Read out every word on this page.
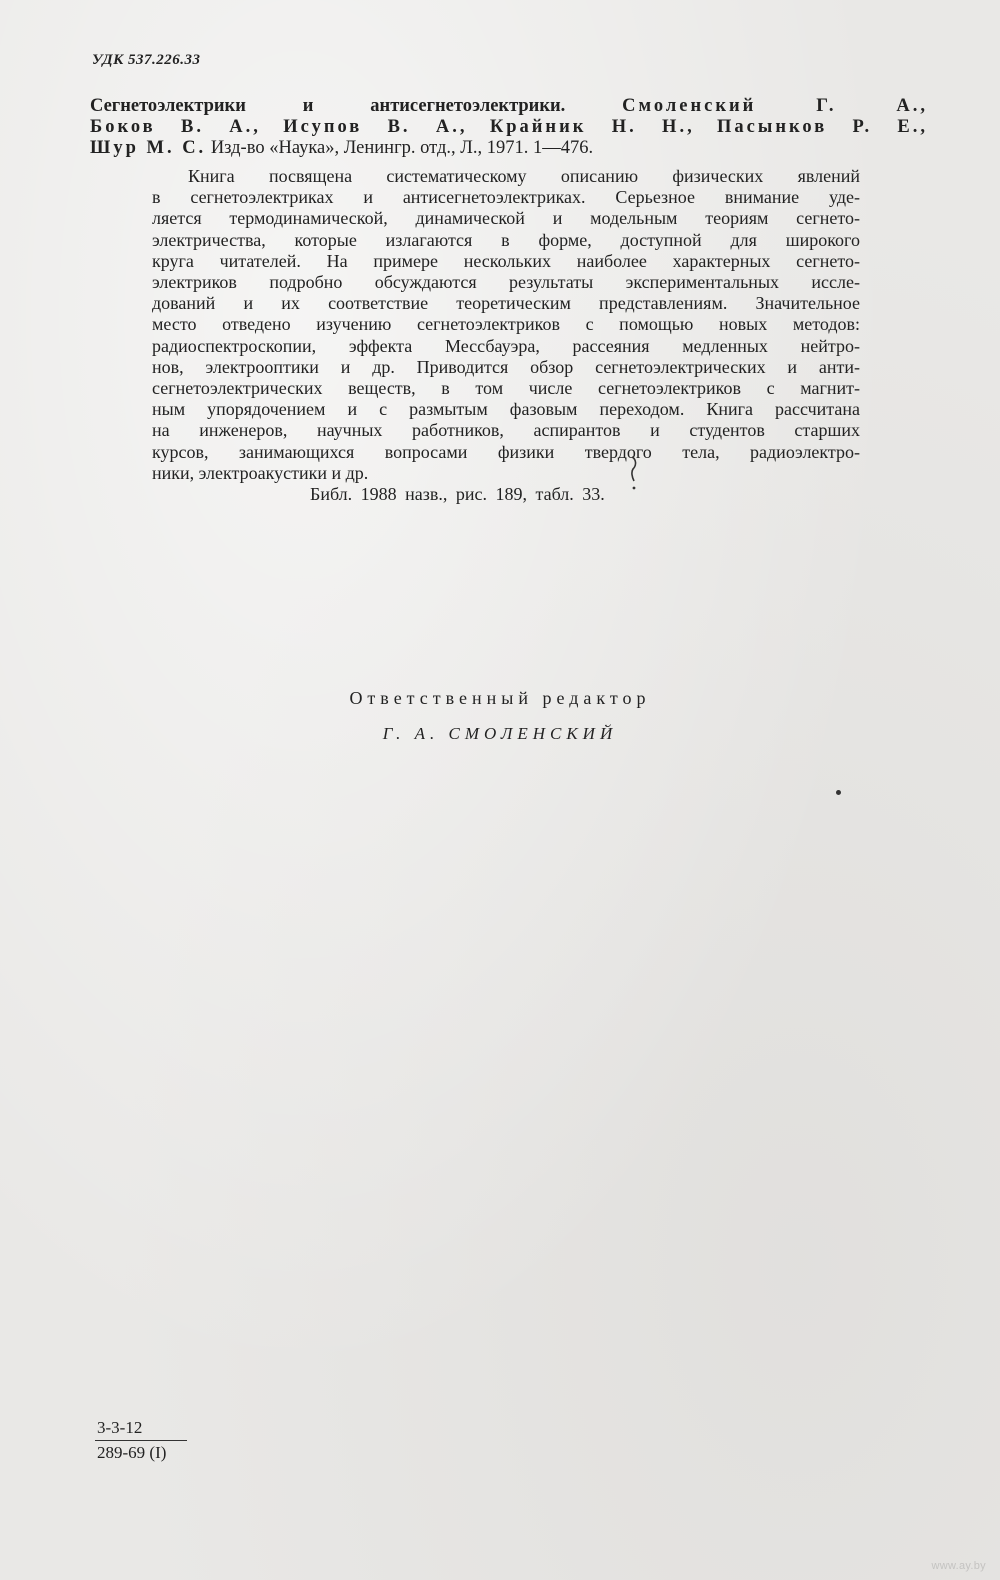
УДК 537.226.33
Сегнетоэлектрики и антисегнетоэлектрики.	Смоленский Г. А.,
Боков В. А., Исупов В. А., Крайник Н. Н., Пасынков Р. Е.,
Шур М. С. Изд-во «Наука», Ленингр. отд., Л., 1971. 1—476.
Книга посвящена систематическому описанию физических явлений
в сегнетоэлектриках и антисегнетоэлектриках. Серьезное внимание уде-
ляется термодинамической, динамической и модельным теориям сегнето-
электричества, которые излагаются в форме, доступной для широкого
круга читателей. На примере нескольких наиболее характерных сегнето-
электриков подробно обсуждаются результаты экспериментальных иссле-
дований и их соответствие теоретическим представлениям. Значительное
место отведено изучению сегнетоэлектриков с помощью новых методов:
радиоспектроскопии, эффекта Мессбауэра, рассеяния медленных нейтро-
нов, электрооптики и др. Приводится обзор сегнетоэлектрических и анти-
сегнетоэлектрических веществ, в том числе сегнетоэлектриков с магнит-
ным упорядочением и с размытым фазовым переходом. Книга рассчитана
на инженеров, научных работников, аспирантов и студентов старших
курсов, занимающихся вопросами физики твердого тела, радиоэлектро-
ники, электроакустики и др.
Библ. 1988 назв., рис. 189, табл. 33.
Ответственный редактор
Г. А. СМОЛЕНСКИЙ
3-3-12
289-69 (I)
www.ay.by
